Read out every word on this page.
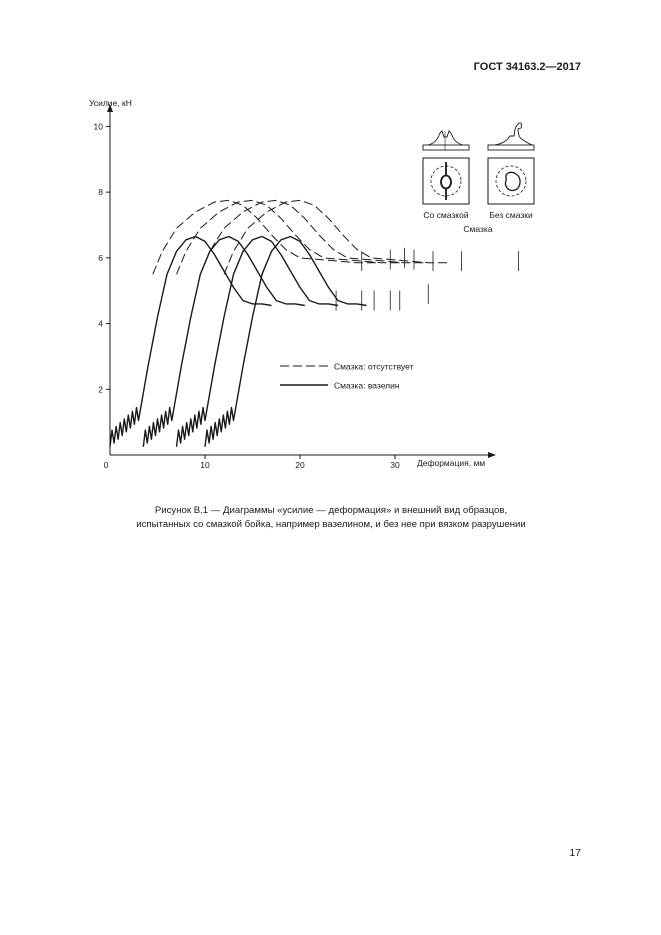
ГОСТ 34163.2—2017
0	10	20	30
2
4
6
8
10
Усилие, кН
Деформация, мм
Смазка: отсутствует
Смазка: вазелин
Со смазкой Без смазки
Смазка
Рисунок В.1 — Диаграммы «усилие — деформация» и внешний вид образцов,
испытанных со смазкой бойка, например вазелином, и без нее при вязком разрушении
17
